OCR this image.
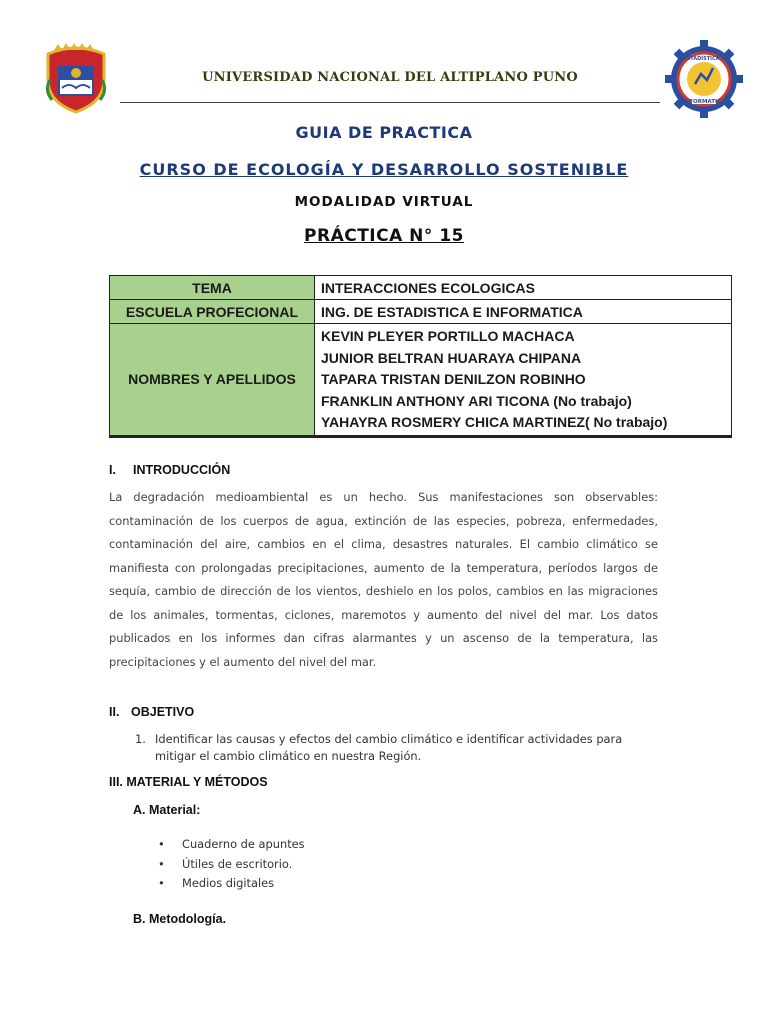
UNIVERSIDAD NACIONAL DEL ALTIPLANO PUNO
INFORMATICA
ESTADÍSTICA E
GUIA DE PRACTICA
CURSO DE ECOLOGÍA Y DESARROLLO SOSTENIBLE
MODALIDAD VIRTUAL
PRÁCTICA N° 15
TEMA	INTERACCIONES ECOLOGICAS
ESCUELA PROFECIONAL	ING. DE ESTADISTICA E INFORMATICA
NOMBRES Y APELLIDOS	KEVIN PLEYER PORTILLO MACHACA
JUNIOR BELTRAN HUARAYA CHIPANA
TAPARA TRISTAN DENILZON ROBINHO
FRANKLIN ANTHONY ARI TICONA (No trabajo)
YAHAYRA ROSMERY CHICA MARTINEZ( No trabajo)
I. INTRODUCCIÓN
La degradación medioambiental es un hecho. Sus manifestaciones son observables: contaminación de los cuerpos de agua, extinción de las especies, pobreza, enfermedades, contaminación del aire, cambios en el clima, desastres naturales. El cambio climático se manifiesta con prolongadas precipitaciones, aumento de la temperatura, períodos largos de sequía, cambio de dirección de los vientos, deshielo en los polos, cambios en las migraciones de los animales, tormentas, ciclones, maremotos y aumento del nivel del mar. Los datos publicados en los informes dan cifras alarmantes y un ascenso de la temperatura, las precipitaciones y el aumento del nivel del mar.
II. OBJETIVO
1. Identificar las causas y efectos del cambio climático e identificar actividades para mitigar el cambio climático en nuestra Región.
III. MATERIAL Y MÉTODOS
A. Material:
• Cuaderno de apuntes
• Útiles de escritorio.
• Medios digitales
B. Metodología.
